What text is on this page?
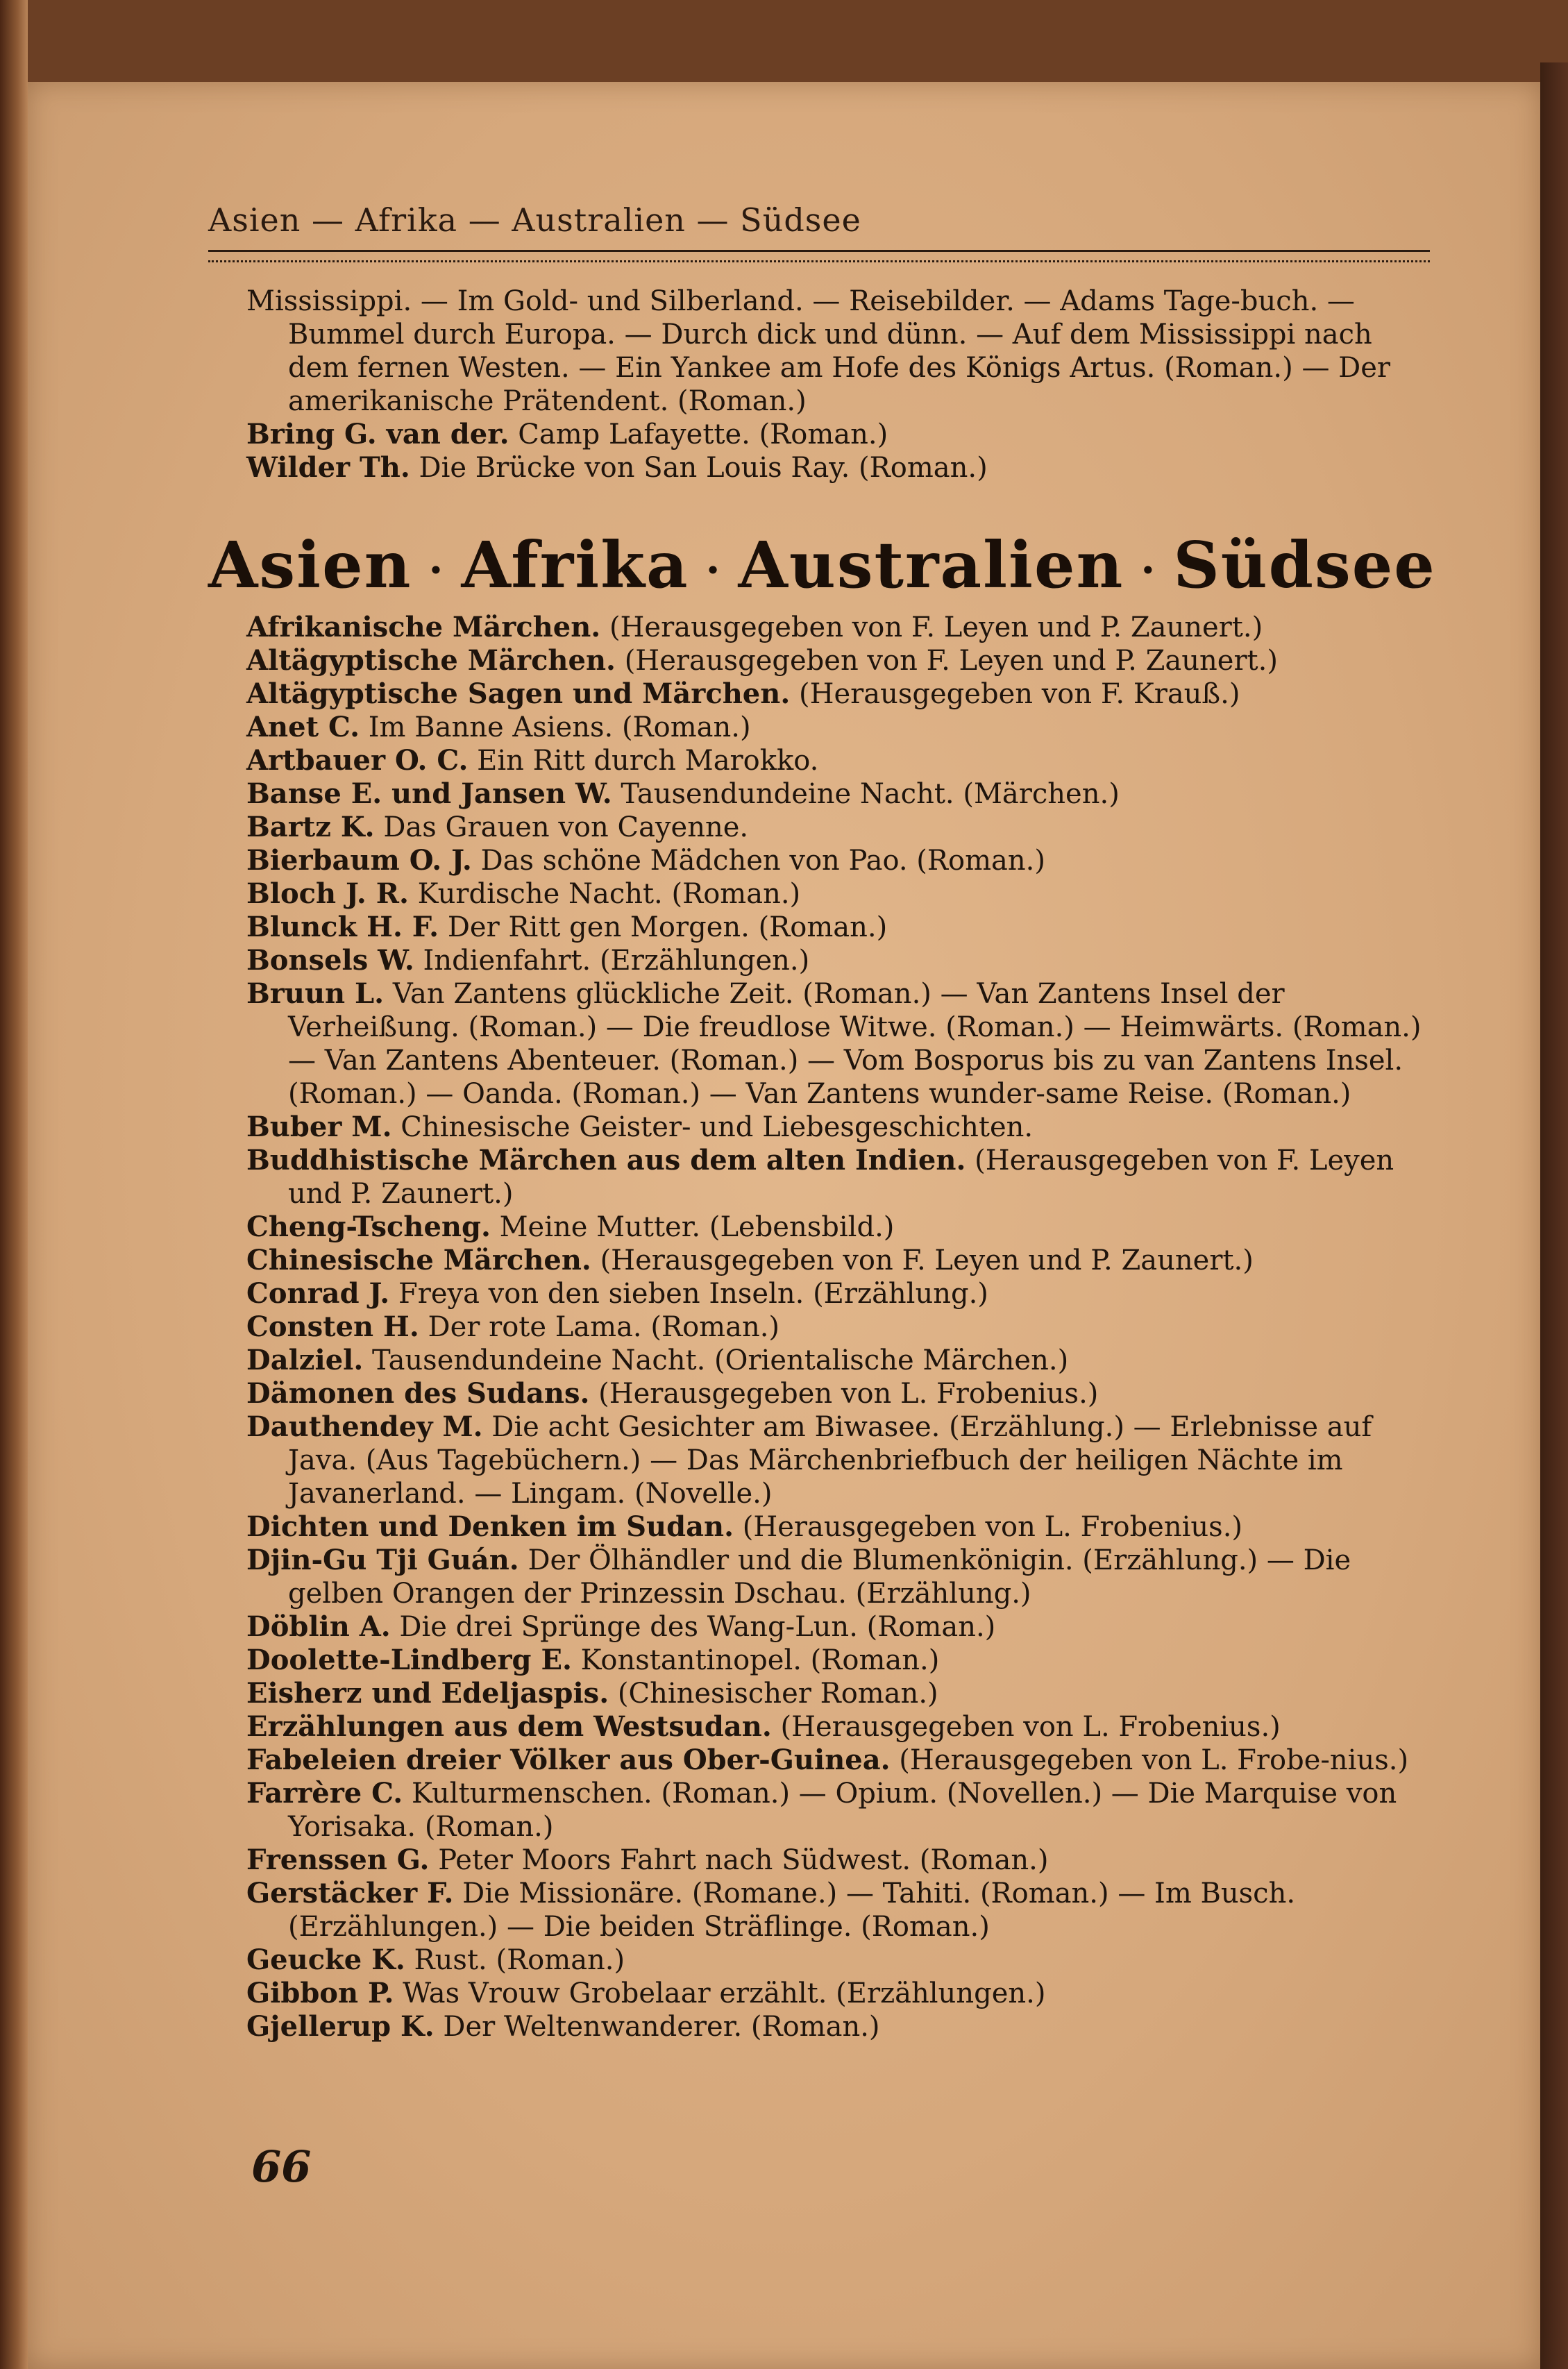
Asien — Afrika — Australien — Südsee

Mississippi. — Im Gold- und Silberland. — Reisebilder. — Adams Tage-buch. — Bummel durch Europa. — Durch dick und dünn. — Auf dem Mississippi nach dem fernen Westen. — Ein Yankee am Hofe des Königs Artus. (Roman.) — Der amerikanische Prätendent. (Roman.)

Bring G. van der. Camp Lafayette. (Roman.)

Wilder Th. Die Brücke von San Louis Ray. (Roman.)

Asien · Afrika · Australien · Südsee

Afrikanische Märchen. (Herausgegeben von F. Leyen und P. Zaunert.)

Altägyptische Märchen. (Herausgegeben von F. Leyen und P. Zaunert.)

Altägyptische Sagen und Märchen. (Herausgegeben von F. Krauß.)

Anet C. Im Banne Asiens. (Roman.)

Artbauer O. C. Ein Ritt durch Marokko.

Banse E. und Jansen W. Tausendundeine Nacht. (Märchen.)

Bartz K. Das Grauen von Cayenne.

Bierbaum O. J. Das schöne Mädchen von Pao. (Roman.)

Bloch J. R. Kurdische Nacht. (Roman.)

Blunck H. F. Der Ritt gen Morgen. (Roman.)

Bonsels W. Indienfahrt. (Erzählungen.)

Bruun L. Van Zantens glückliche Zeit. (Roman.) — Van Zantens Insel der Verheißung. (Roman.) — Die freudlose Witwe. (Roman.) — Heimwärts. (Roman.) — Van Zantens Abenteuer. (Roman.) — Vom Bosporus bis zu van Zantens Insel. (Roman.) — Oanda. (Roman.) — Van Zantens wunder-same Reise. (Roman.)

Buber M. Chinesische Geister- und Liebesgeschichten.

Buddhistische Märchen aus dem alten Indien. (Herausgegeben von F. Leyen und P. Zaunert.)

Cheng-Tscheng. Meine Mutter. (Lebensbild.)

Chinesische Märchen. (Herausgegeben von F. Leyen und P. Zaunert.)

Conrad J. Freya von den sieben Inseln. (Erzählung.)

Consten H. Der rote Lama. (Roman.)

Dalziel. Tausendundeine Nacht. (Orientalische Märchen.)

Dämonen des Sudans. (Herausgegeben von L. Frobenius.)

Dauthendey M. Die acht Gesichter am Biwasee. (Erzählung.) — Erlebnisse auf Java. (Aus Tagebüchern.) — Das Märchenbriefbuch der heiligen Nächte im Javanerland. — Lingam. (Novelle.)

Dichten und Denken im Sudan. (Herausgegeben von L. Frobenius.)

Djin-Gu Tji Guán. Der Ölhändler und die Blumenkönigin. (Erzählung.) — Die gelben Orangen der Prinzessin Dschau. (Erzählung.)

Döblin A. Die drei Sprünge des Wang-Lun. (Roman.)

Doolette-Lindberg E. Konstantinopel. (Roman.)

Eisherz und Edeljaspis. (Chinesischer Roman.)

Erzählungen aus dem Westsudan. (Herausgegeben von L. Frobenius.)

Fabeleien dreier Völker aus Ober-Guinea. (Herausgegeben von L. Frobe-nius.)

Farrère C. Kulturmenschen. (Roman.) — Opium. (Novellen.) — Die Marquise von Yorisaka. (Roman.)

Frenssen G. Peter Moors Fahrt nach Südwest. (Roman.)

Gerstäcker F. Die Missionäre. (Romane.) — Tahiti. (Roman.) — Im Busch. (Erzählungen.) — Die beiden Sträflinge. (Roman.)

Geucke K. Rust. (Roman.)

Gibbon P. Was Vrouw Grobelaar erzählt. (Erzählungen.)

Gjellerup K. Der Weltenwanderer. (Roman.)

66
